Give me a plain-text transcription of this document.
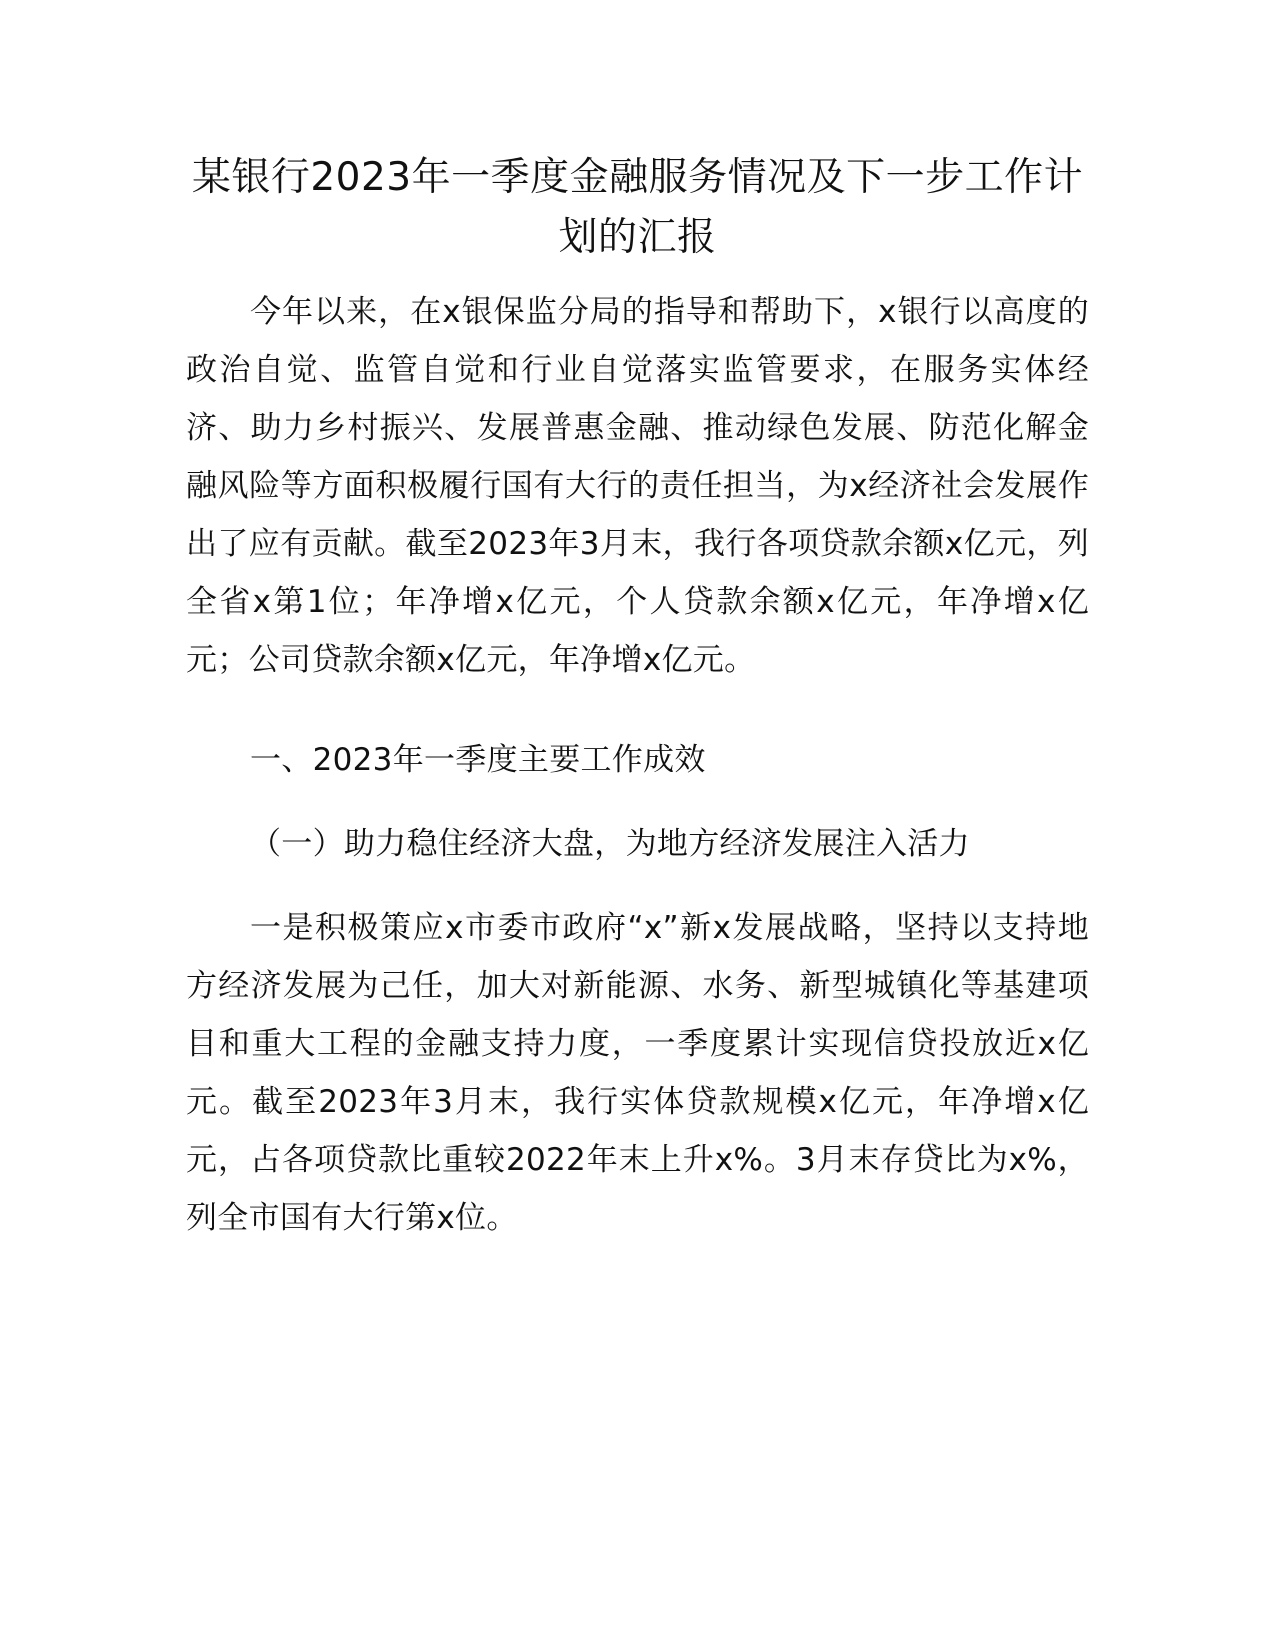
某银行2023年一季度金融服务情况及下一步工作计划的汇报

今年以来，在x银保监分局的指导和帮助下，x银行以高度的政治自觉、监管自觉和行业自觉落实监管要求，在服务实体经济、助力乡村振兴、发展普惠金融、推动绿色发展、防范化解金融风险等方面积极履行国有大行的责任担当，为x经济社会发展作出了应有贡献。截至2023年3月末，我行各项贷款余额x亿元，列全省x第1位；年净增x亿元，个人贷款余额x亿元，年净增x亿元；公司贷款余额x亿元，年净增x亿元。

一、2023年一季度主要工作成效

（一）助力稳住经济大盘，为地方经济发展注入活力

一是积极策应x市委市政府“x”新x发展战略，坚持以支持地方经济发展为己任，加大对新能源、水务、新型城镇化等基建项目和重大工程的金融支持力度，一季度累计实现信贷投放近x亿元。截至2023年3月末，我行实体贷款规模x亿元，年净增x亿元，占各项贷款比重较2022年末上升x%。3月末存贷比为x%，列全市国有大行第x位。
